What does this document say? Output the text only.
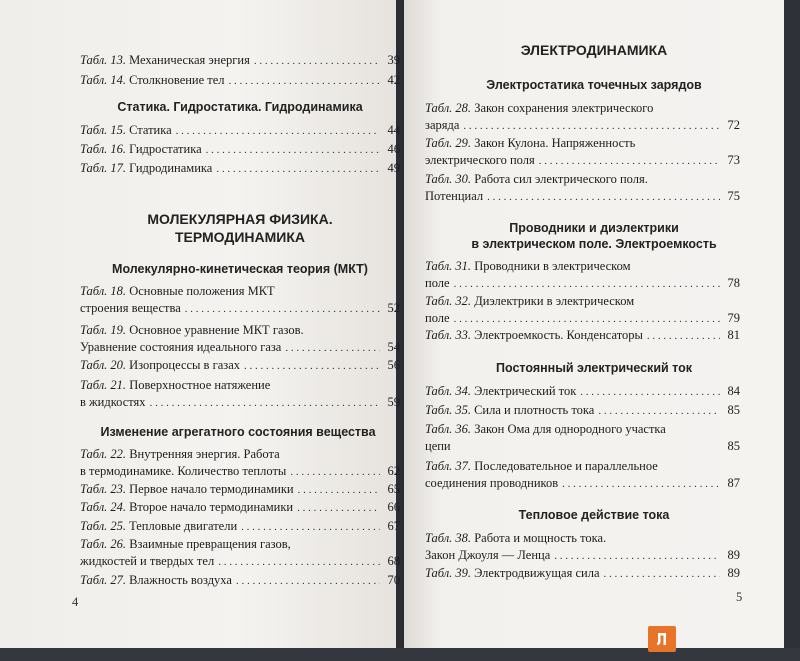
Табл. 13. Механическая энергия . . .	39
Табл. 14. Столкновение тел . . .	42
Статика. Гидростатика. Гидродинамика
Табл. 15. Статика . . .	44
Табл. 16. Гидростатика . . .	46
Табл. 17. Гидродинамика . . .	49
МОЛЕКУЛЯРНАЯ ФИЗИКА.
ТЕРМОДИНАМИКА
Молекулярно-кинетическая теория (МКТ)
Табл. 18. Основные положения МКТ
строения вещества . . .	52
Табл. 19. Основное уравнение МКТ газов.
Уравнение состояния идеального газа . . .	54
Табл. 20. Изопроцессы в газах . . .	56
Табл. 21. Поверхностное натяжение
в жидкостях . . .	59
Изменение агрегатного состояния вещества
Табл. 22. Внутренняя энергия. Работа
в термодинамике. Количество теплоты . . .	62
Табл. 23. Первое начало термодинамики . . .	65
Табл. 24. Второе начало термодинамики . . .	66
Табл. 25. Тепловые двигатели . . .	67
Табл. 26. Взаимные превращения газов,
жидкостей и твердых тел . . .	68
Табл. 27. Влажность воздуха . . .	70
4
ЭЛЕКТРОДИНАМИКА
Электростатика точечных зарядов
Табл. 28. Закон сохранения электрического
заряда . . .	72
Табл. 29. Закон Кулона. Напряженность
электрического поля . . .	73
Табл. 30. Работа сил электрического поля.
Потенциал . . .	75
Проводники и диэлектрики
в электрическом поле. Электроемкость
Табл. 31. Проводники в электрическом
поле . . .	78
Табл. 32. Диэлектрики в электрическом
поле . . .	79
Табл. 33. Электроемкость. Конденсаторы . . .	81
Постоянный электрический ток
Табл. 34. Электрический ток . . .	84
Табл. 35. Сила и плотность тока . . .	85
Табл. 36. Закон Ома для однородного участка
цепи	85
Табл. 37. Последовательное и параллельное
соединения проводников . . .	87
Тепловое действие тока
Табл. 38. Работа и мощность тока.
Закон Джоуля — Ленца . . .	89
Табл. 39. Электродвижущая сила . . .	89
5
